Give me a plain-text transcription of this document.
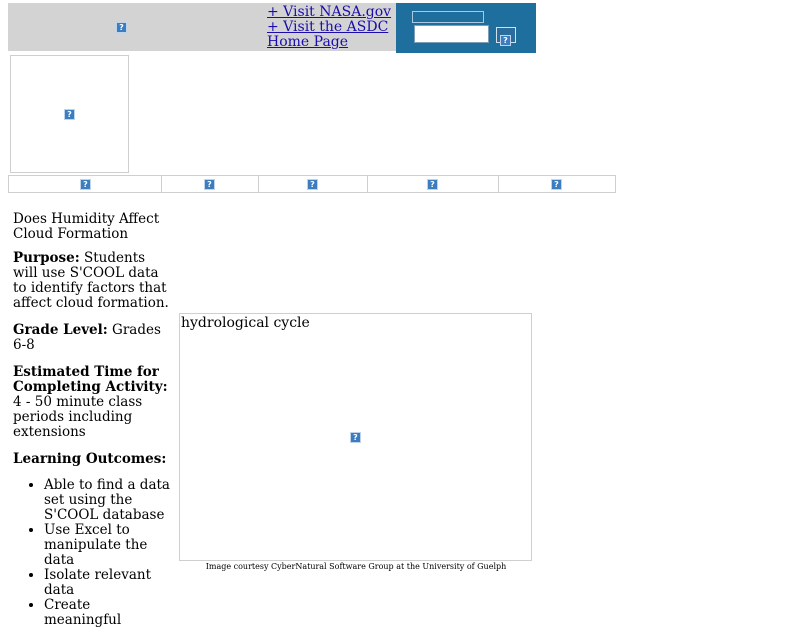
?
+ Visit NASA.gov
+ Visit the ASDC
Home Page	?
?
?	?	?	?	?

Does Humidity Affect Cloud Formation

Purpose: Students will use S'COOL data to identify factors that affect cloud formation.

Grade Level: Grades 6-8

Estimated Time for Completing Activity: 4 - 50 minute class periods including extensions

Learning Outcomes:

• Able to find a data set using the S'COOL database
• Use Excel to manipulate the data
• Isolate relevant data
• Create meaningful
hydrological cycle
?
Image courtesy CyberNatural Software Group at the University of Guelph
